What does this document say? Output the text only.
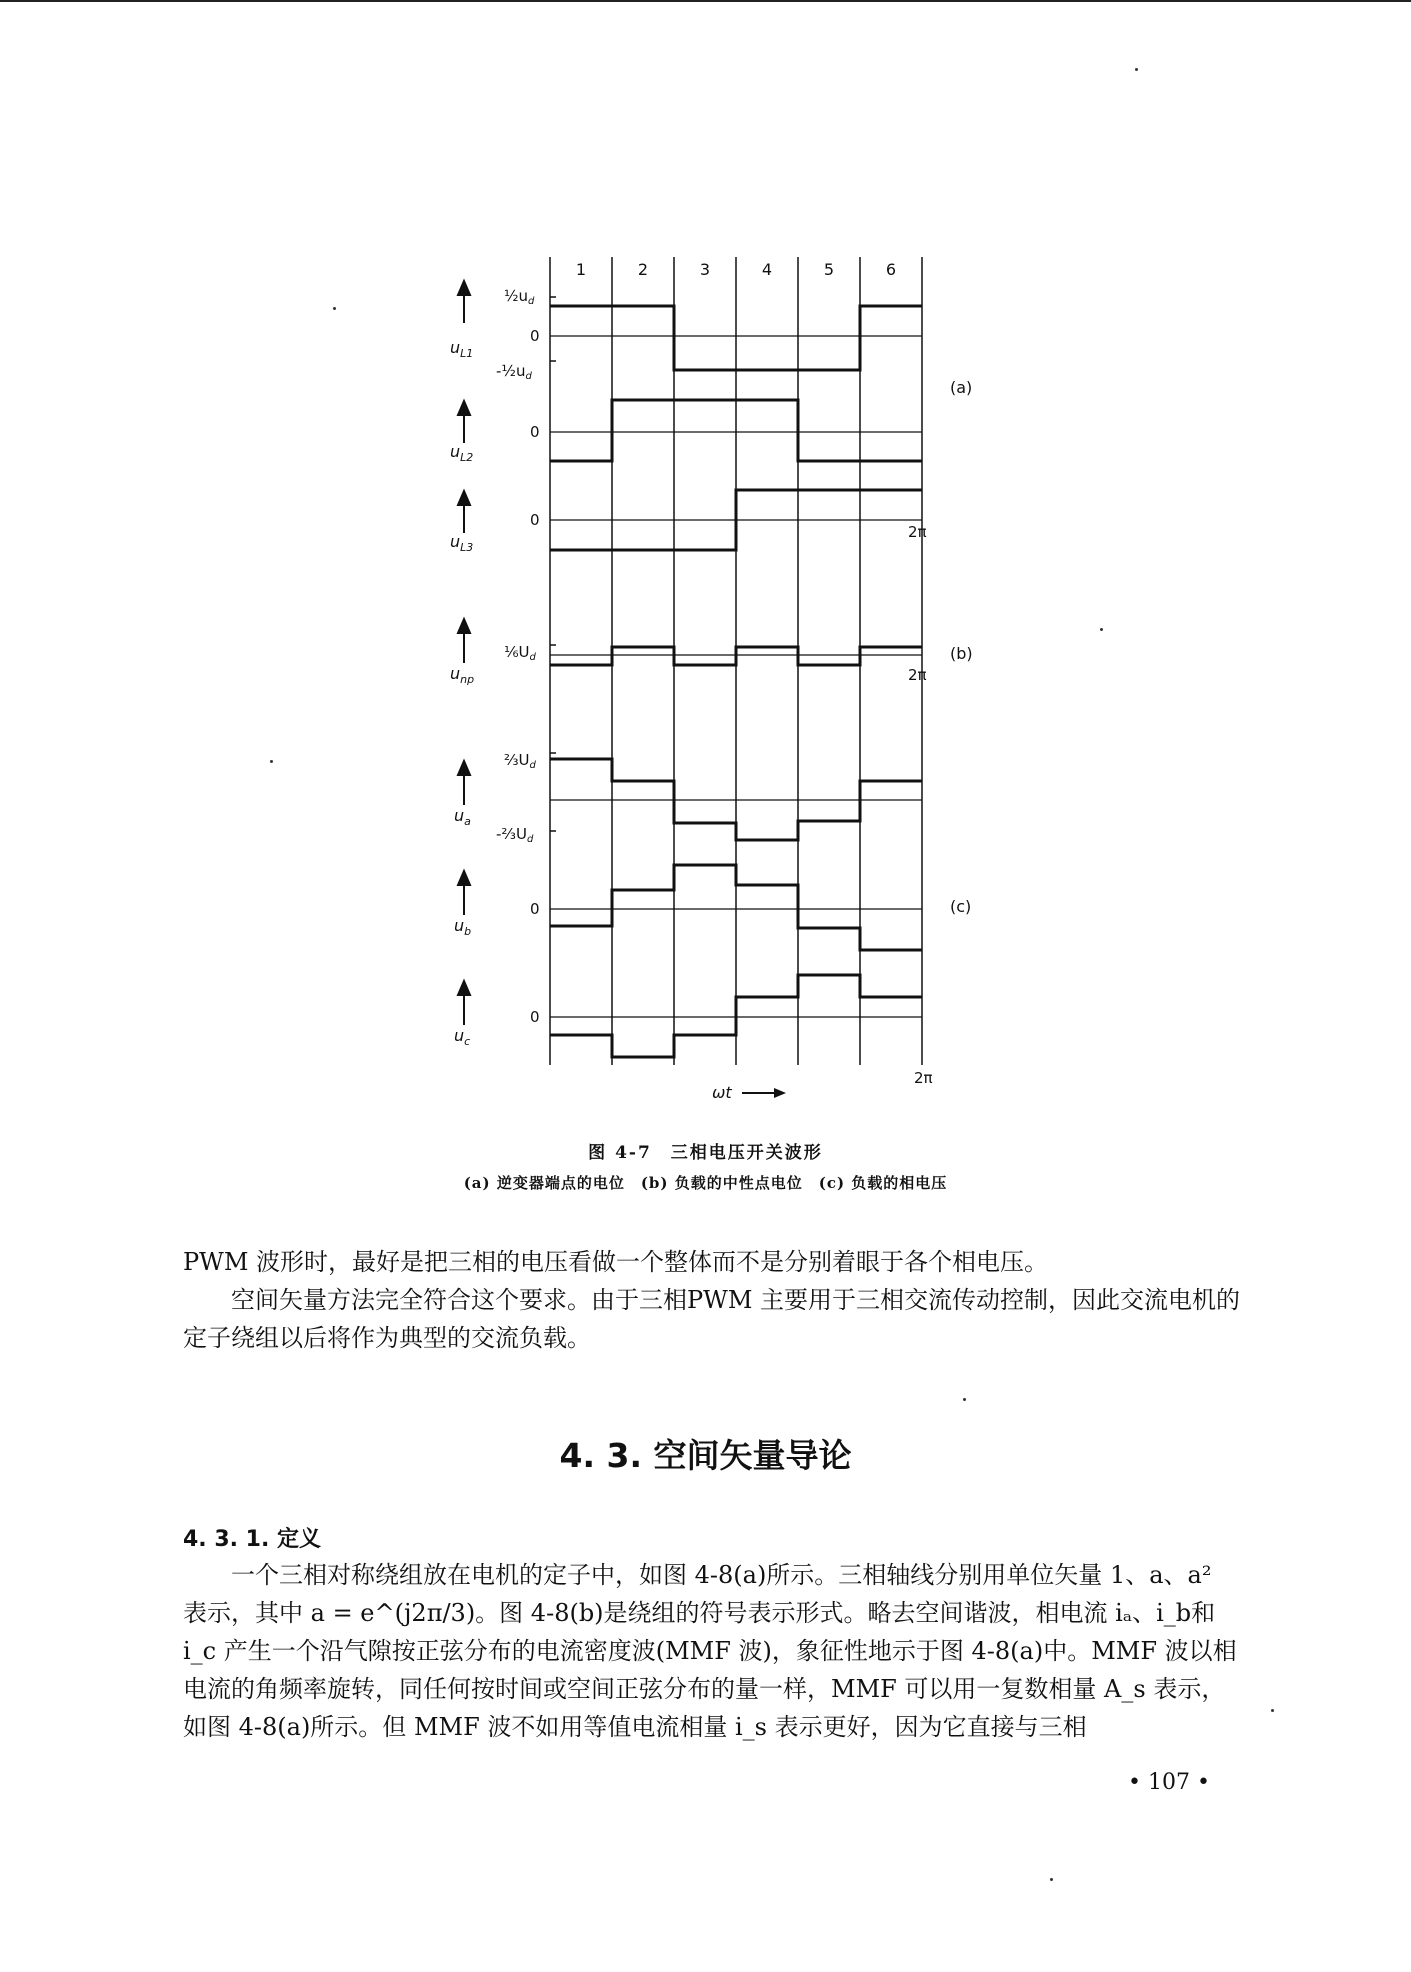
1	2	3	4	5	6
$u_{L1}$
$u_{L2}$
$u_{L3}$
$u_{np}$
$u_a$
$u_b$
$u_c$
$\frac{1}{2}u_d$
0
$-\frac{1}{2}u_d$
0
0
$\frac{1}{6}U_d$
$\frac{2}{3}U_d$
$-\frac{2}{3}U_d$
0
0
2π
2π
2π
(a)
(b)
(c)
ωt
图 4-7　三相电压开关波形
(a) 逆变器端点的电位　(b) 负载的中性点电位　(c) 负载的相电压
PWM 波形时，最好是把三相的电压看做一个整体而不是分别着眼于各个相电压。
空间矢量方法完全符合这个要求。由于三相PWM 主要用于三相交流传动控制，因此交流电机的定子绕组以后将作为典型的交流负载。
4. 3. 空间矢量导论
4. 3. 1. 定义
一个三相对称绕组放在电机的定子中，如图 4-8(a)所示。三相轴线分别用单位矢量 1、a、a² 表示，其中 a = e^(j2π/3)。图 4-8(b)是绕组的符号表示形式。略去空间谐波，相电流 iₐ、i_b和 i_c 产生一个沿气隙按正弦分布的电流密度波(MMF 波)，象征性地示于图 4-8(a)中。MMF 波以相电流的角频率旋转，同任何按时间或空间正弦分布的量一样，MMF 可以用一复数相量 A_s 表示，如图 4-8(a)所示。但 MMF 波不如用等值电流相量 i_s 表示更好，因为它直接与三相
• 107 •
